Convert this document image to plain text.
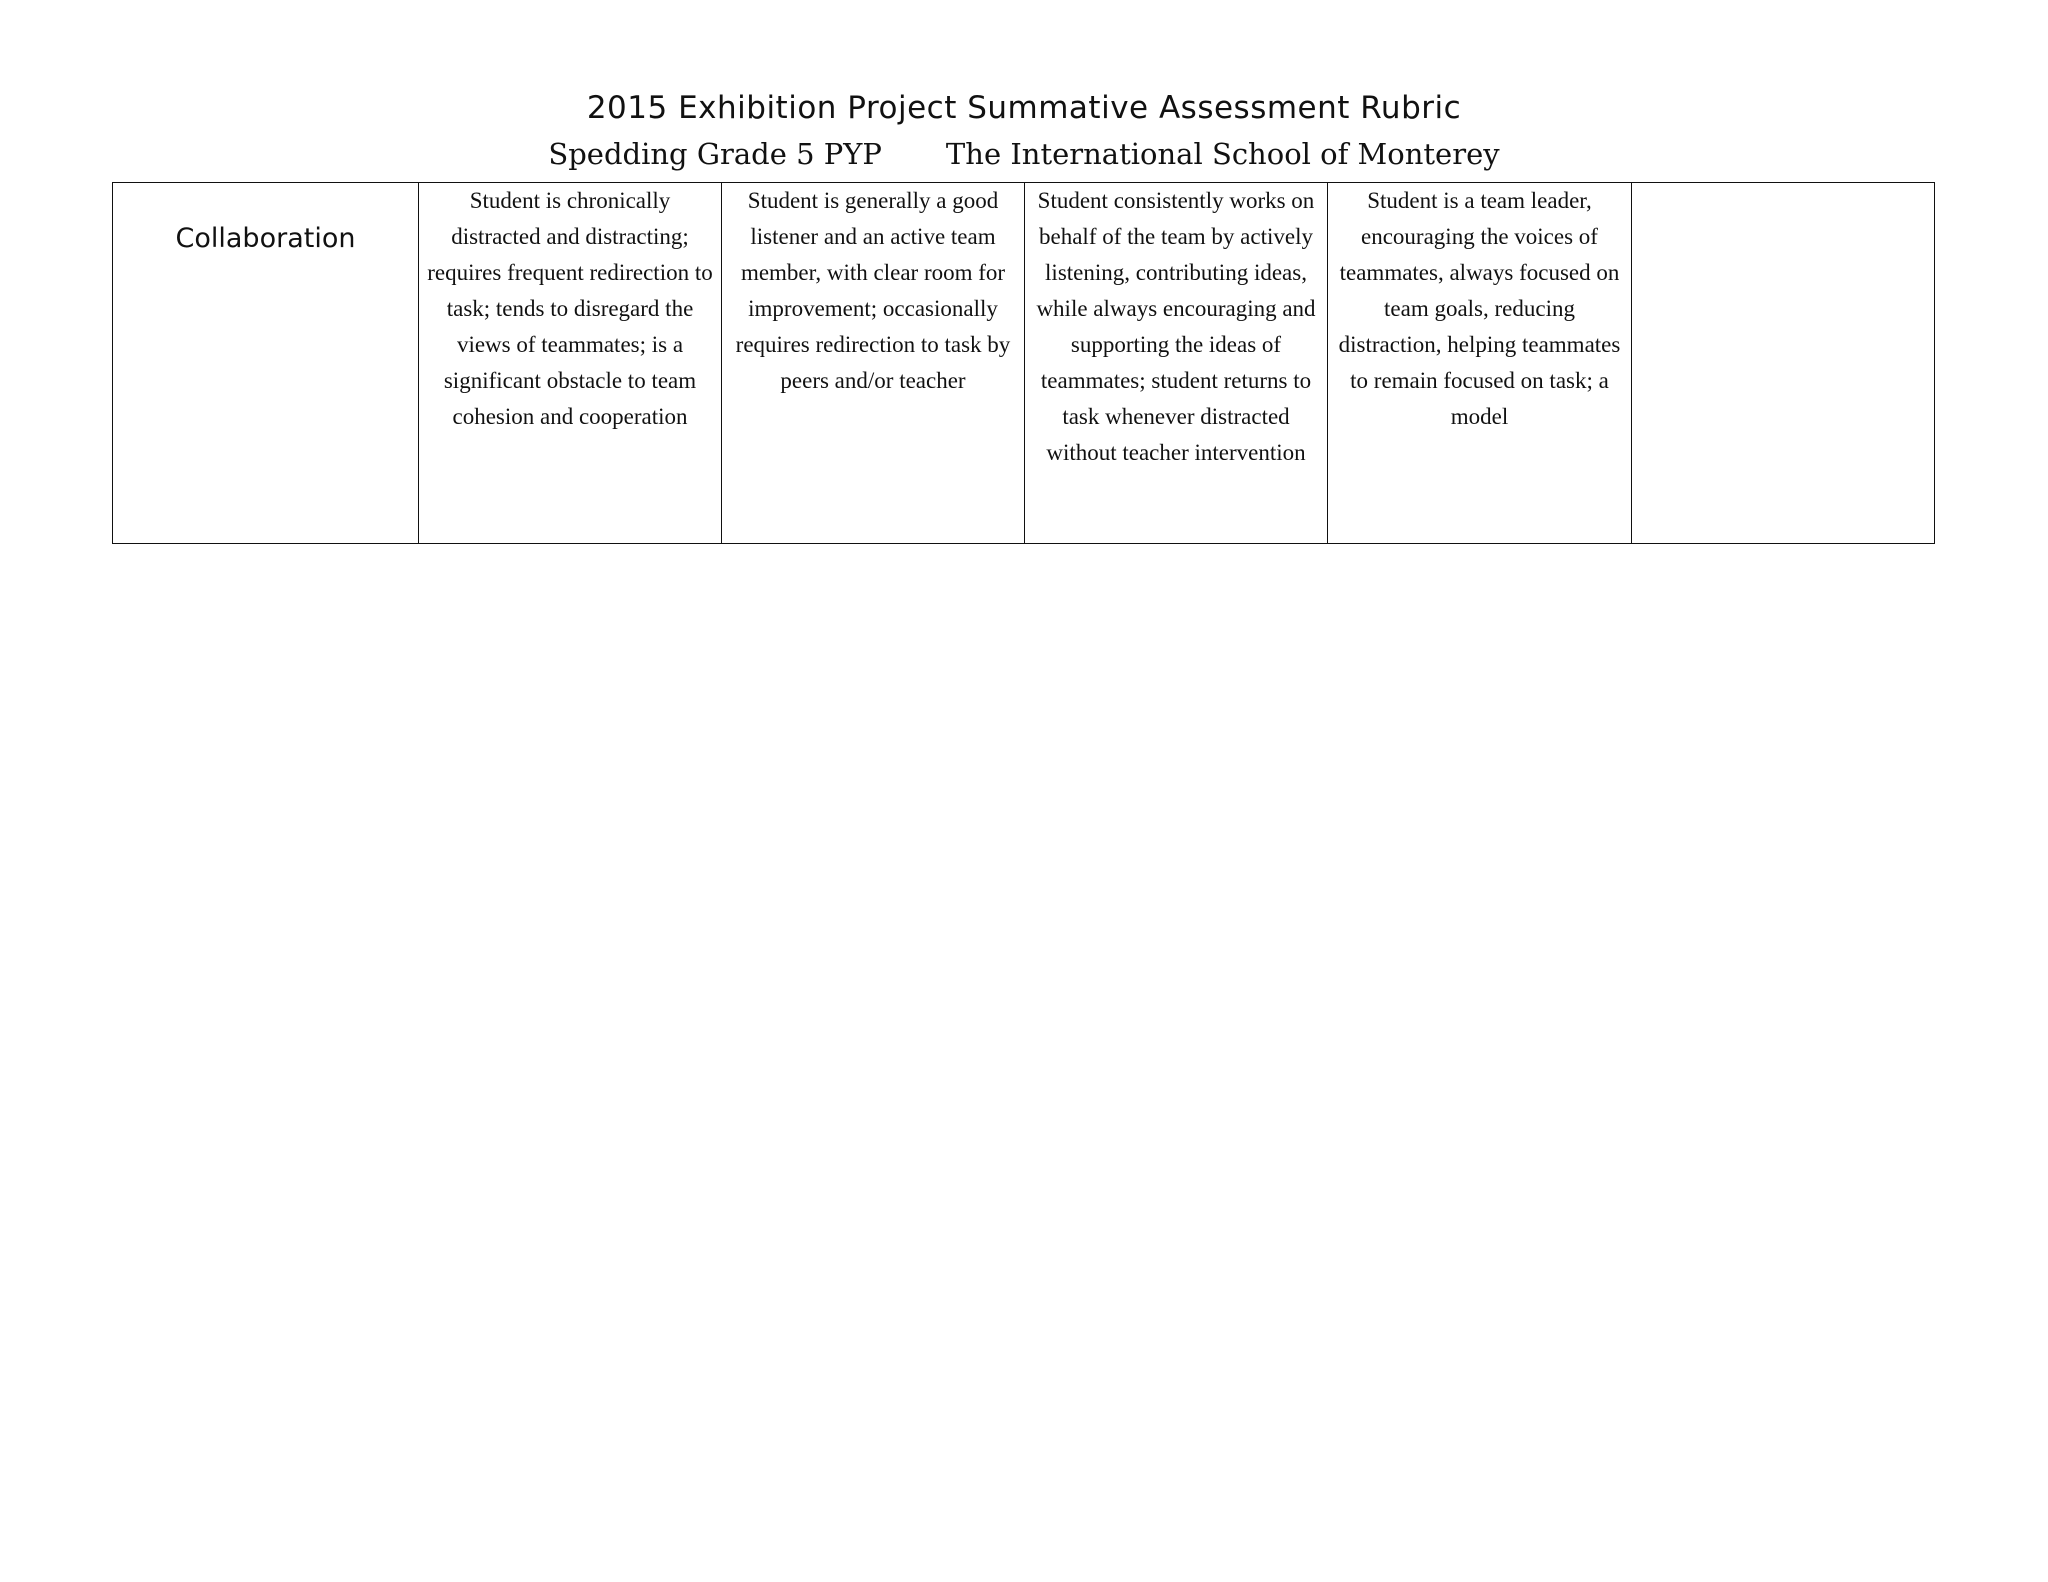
2015 Exhibition Project Summative Assessment Rubric
Spedding Grade 5 PYP The International School of Monterey
Collaboration	Student is chronically distracted and distracting; requires frequent redirection to task; tends to disregard the views of teammates; is a significant obstacle to team cohesion and cooperation	Student is generally a good listener and an active team member, with clear room for improvement; occasionally requires redirection to task by peers and/or teacher	Student consistently works on behalf of the team by actively listening, contributing ideas, while always encouraging and supporting the ideas of teammates; student returns to task whenever distracted without teacher intervention	Student is a team leader, encouraging the voices of teammates, always focused on team goals, reducing distraction, helping teammates to remain focused on task; a model	
